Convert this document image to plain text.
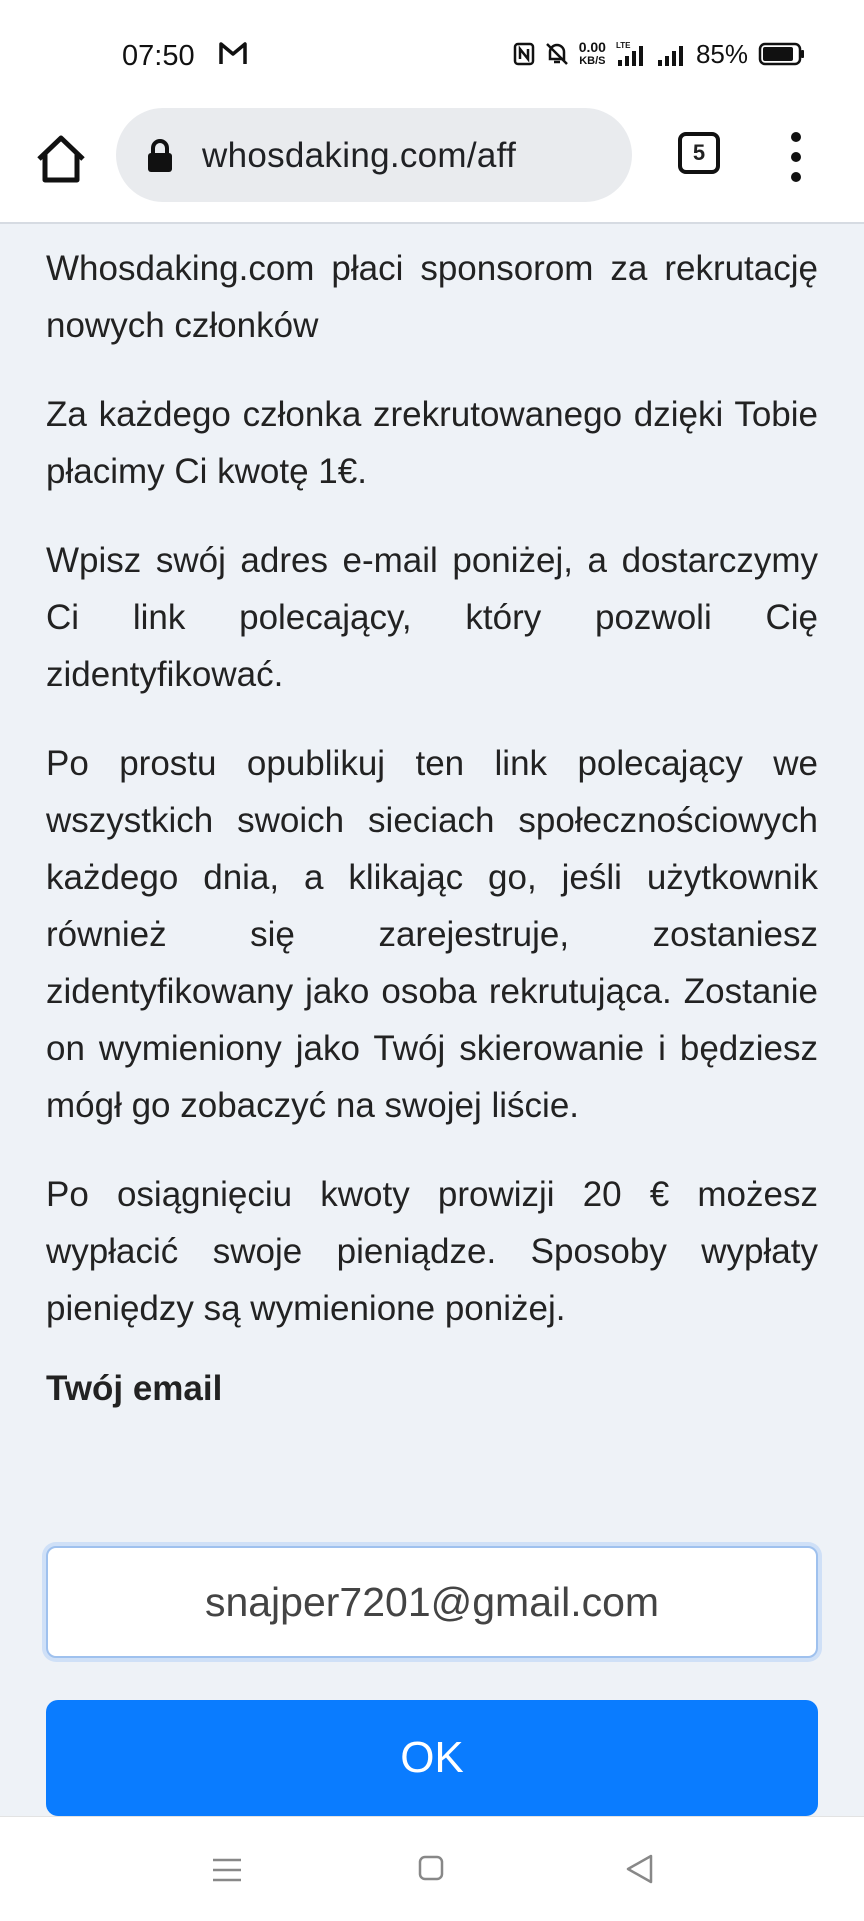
07:50	0.00
KB/S
LTE	85%
whosdaking.com/aff	5

Whosdaking.com płaci sponsorom za rekrutację nowych członków

Za każdego członka zrekrutowanego dzięki Tobie płacimy Ci kwotę 1€.

Wpisz swój adres e-mail poniżej, a dostarczymy Ci link polecający, który pozwoli Cię zidentyfikować.

Po prostu opublikuj ten link polecający we wszystkich swoich sieciach społecznościowych każdego dnia, a klikając go, jeśli użytkownik również się zarejestruje, zostaniesz zidentyfikowany jako osoba rekrutująca. Zostanie on wymieniony jako Twój skierowanie i będziesz mógł go zobaczyć na swojej liście.

Po osiągnięciu kwoty prowizji 20 € możesz wypłacić swoje pieniądze. Sposoby wypłaty pieniędzy są wymienione poniżej.

Twój email
snajper7201@gmail.com
OK
